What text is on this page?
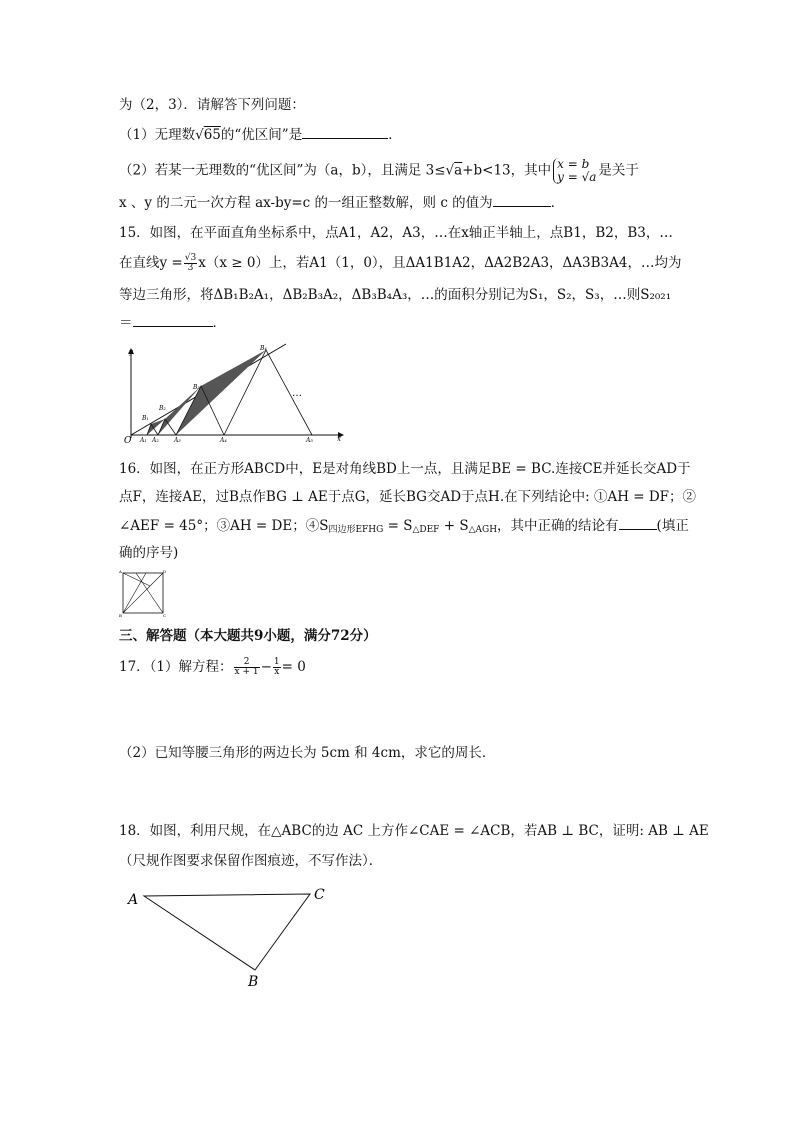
为（2，3）．请解答下列问题：
（1）无理数√65的“优区间”是	．
（2）若某一无理数的“优区间”为（a，b），且满足 3≤√a+b<13，其中 x = b
y = √a 是关于
x 、y 的二元一次方程 ax-by=c 的一组正整数解，则 c 的值为	．
15．如图，在平面直角坐标系中，点A1，A2，A3，…在x轴正半轴上，点B1，B2，B3，…
在直线$y = \frac{√3}{3} x(x \ge 0)$上，若A1（1，0），且ΔA1B1A2，ΔA2B2A3，ΔA3B3A4，…均为
等边三角形，将ΔB₁B₂A₁，ΔB₂B₃A₂，ΔB₃B₄A₃，…的面积分别记为S₁，S₂，S₃，…则S₂₀₂₁
＝	．
y
x
O
B₁
B₂
B₃
B₄
A₁ A₂	A₃	A₄	A₅
…
16．如图，在正方形ABCD中，E是对角线BD上一点，且满足BE = BC.连接CE并延长交AD于
点F，连接AE，过B点作BG ⊥ AE于点G，延长BG交AD于点H.在下列结论中: ①AH = DF；②
∠AEF = 45°；③AH = DE；$④S_{四边形EFHG} = S_{\triangle DEF} + S_{\triangle AGH}$，其中正确的结论有	(填正
确的序号)
A
B	C
D
三、解答题（本大题共9小题，满分72分）
17．（1）解方程： $\frac{2}{x + 1} - \frac{1}{x} = 0$
（2）已知等腰三角形的两边长为 5cm 和 4cm，求它的周长．
18．如图，利用尺规，在△ABC的边 AC 上方作∠CAE = ∠ACB，若AB ⊥ BC，证明: AB ⊥ AE
（尺规作图要求保留作图痕迹，不写作法）．
A	C
B
